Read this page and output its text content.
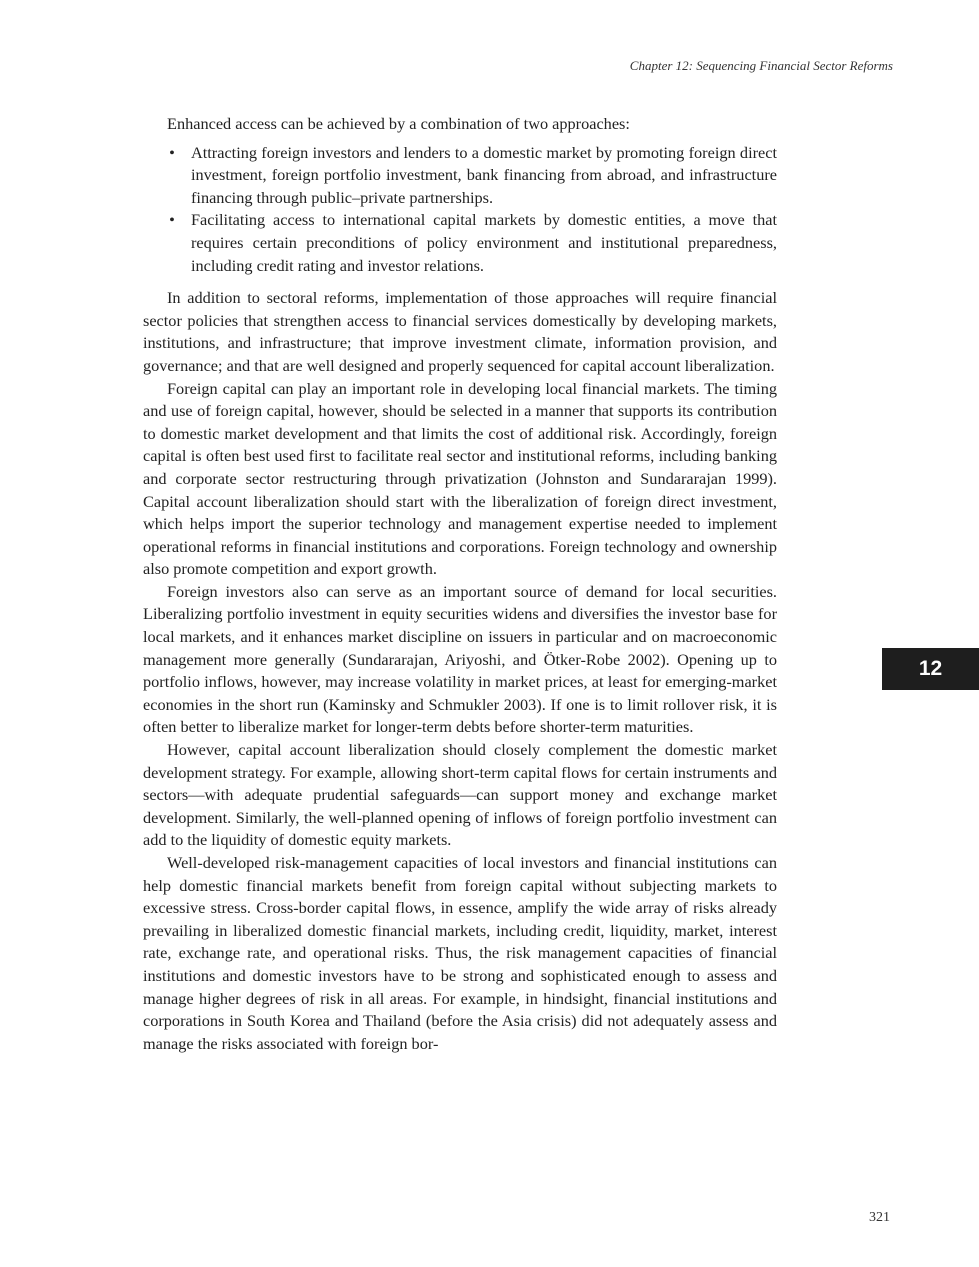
Chapter 12: Sequencing Financial Sector Reforms

Enhanced access can be achieved by a combination of two approaches:

• Attracting foreign investors and lenders to a domestic market by promoting foreign direct investment, foreign portfolio investment, bank financing from abroad, and infrastructure financing through public–private partnerships.
• Facilitating access to international capital markets by domestic entities, a move that requires certain preconditions of policy environment and institutional preparedness, including credit rating and investor relations.

In addition to sectoral reforms, implementation of those approaches will require financial sector policies that strengthen access to financial services domestically by developing markets, institutions, and infrastructure; that improve investment climate, information provision, and governance; and that are well designed and properly sequenced for capital account liberalization.

Foreign capital can play an important role in developing local financial markets. The timing and use of foreign capital, however, should be selected in a manner that supports its contribution to domestic market development and that limits the cost of additional risk. Accordingly, foreign capital is often best used first to facilitate real sector and institutional reforms, including banking and corporate sector restructuring through privatization (Johnston and Sundararajan 1999). Capital account liberalization should start with the liberalization of foreign direct investment, which helps import the superior technology and management expertise needed to implement operational reforms in financial institutions and corporations. Foreign technology and ownership also promote competition and export growth.

Foreign investors also can serve as an important source of demand for local securities. Liberalizing portfolio investment in equity securities widens and diversifies the investor base for local markets, and it enhances market discipline on issuers in particular and on macroeconomic management more generally (Sundararajan, Ariyoshi, and Ötker-Robe 2002). Opening up to portfolio inflows, however, may increase volatility in market prices, at least for emerging-market economies in the short run (Kaminsky and Schmukler 2003). If one is to limit rollover risk, it is often better to liberalize market for longer-term debts before shorter-term maturities.

However, capital account liberalization should closely complement the domestic market development strategy. For example, allowing short-term capital flows for certain instruments and sectors—with adequate prudential safeguards—can support money and exchange market development. Similarly, the well-planned opening of inflows of foreign portfolio investment can add to the liquidity of domestic equity markets.

Well-developed risk-management capacities of local investors and financial institutions can help domestic financial markets benefit from foreign capital without subjecting markets to excessive stress. Cross-border capital flows, in essence, amplify the wide array of risks already prevailing in liberalized domestic financial markets, including credit, liquidity, market, interest rate, exchange rate, and operational risks. Thus, the risk management capacities of financial institutions and domestic investors have to be strong and sophisticated enough to assess and manage higher degrees of risk in all areas. For example, in hindsight, financial institutions and corporations in South Korea and Thailand (before the Asia crisis) did not adequately assess and manage the risks associated with foreign bor-

12
321
